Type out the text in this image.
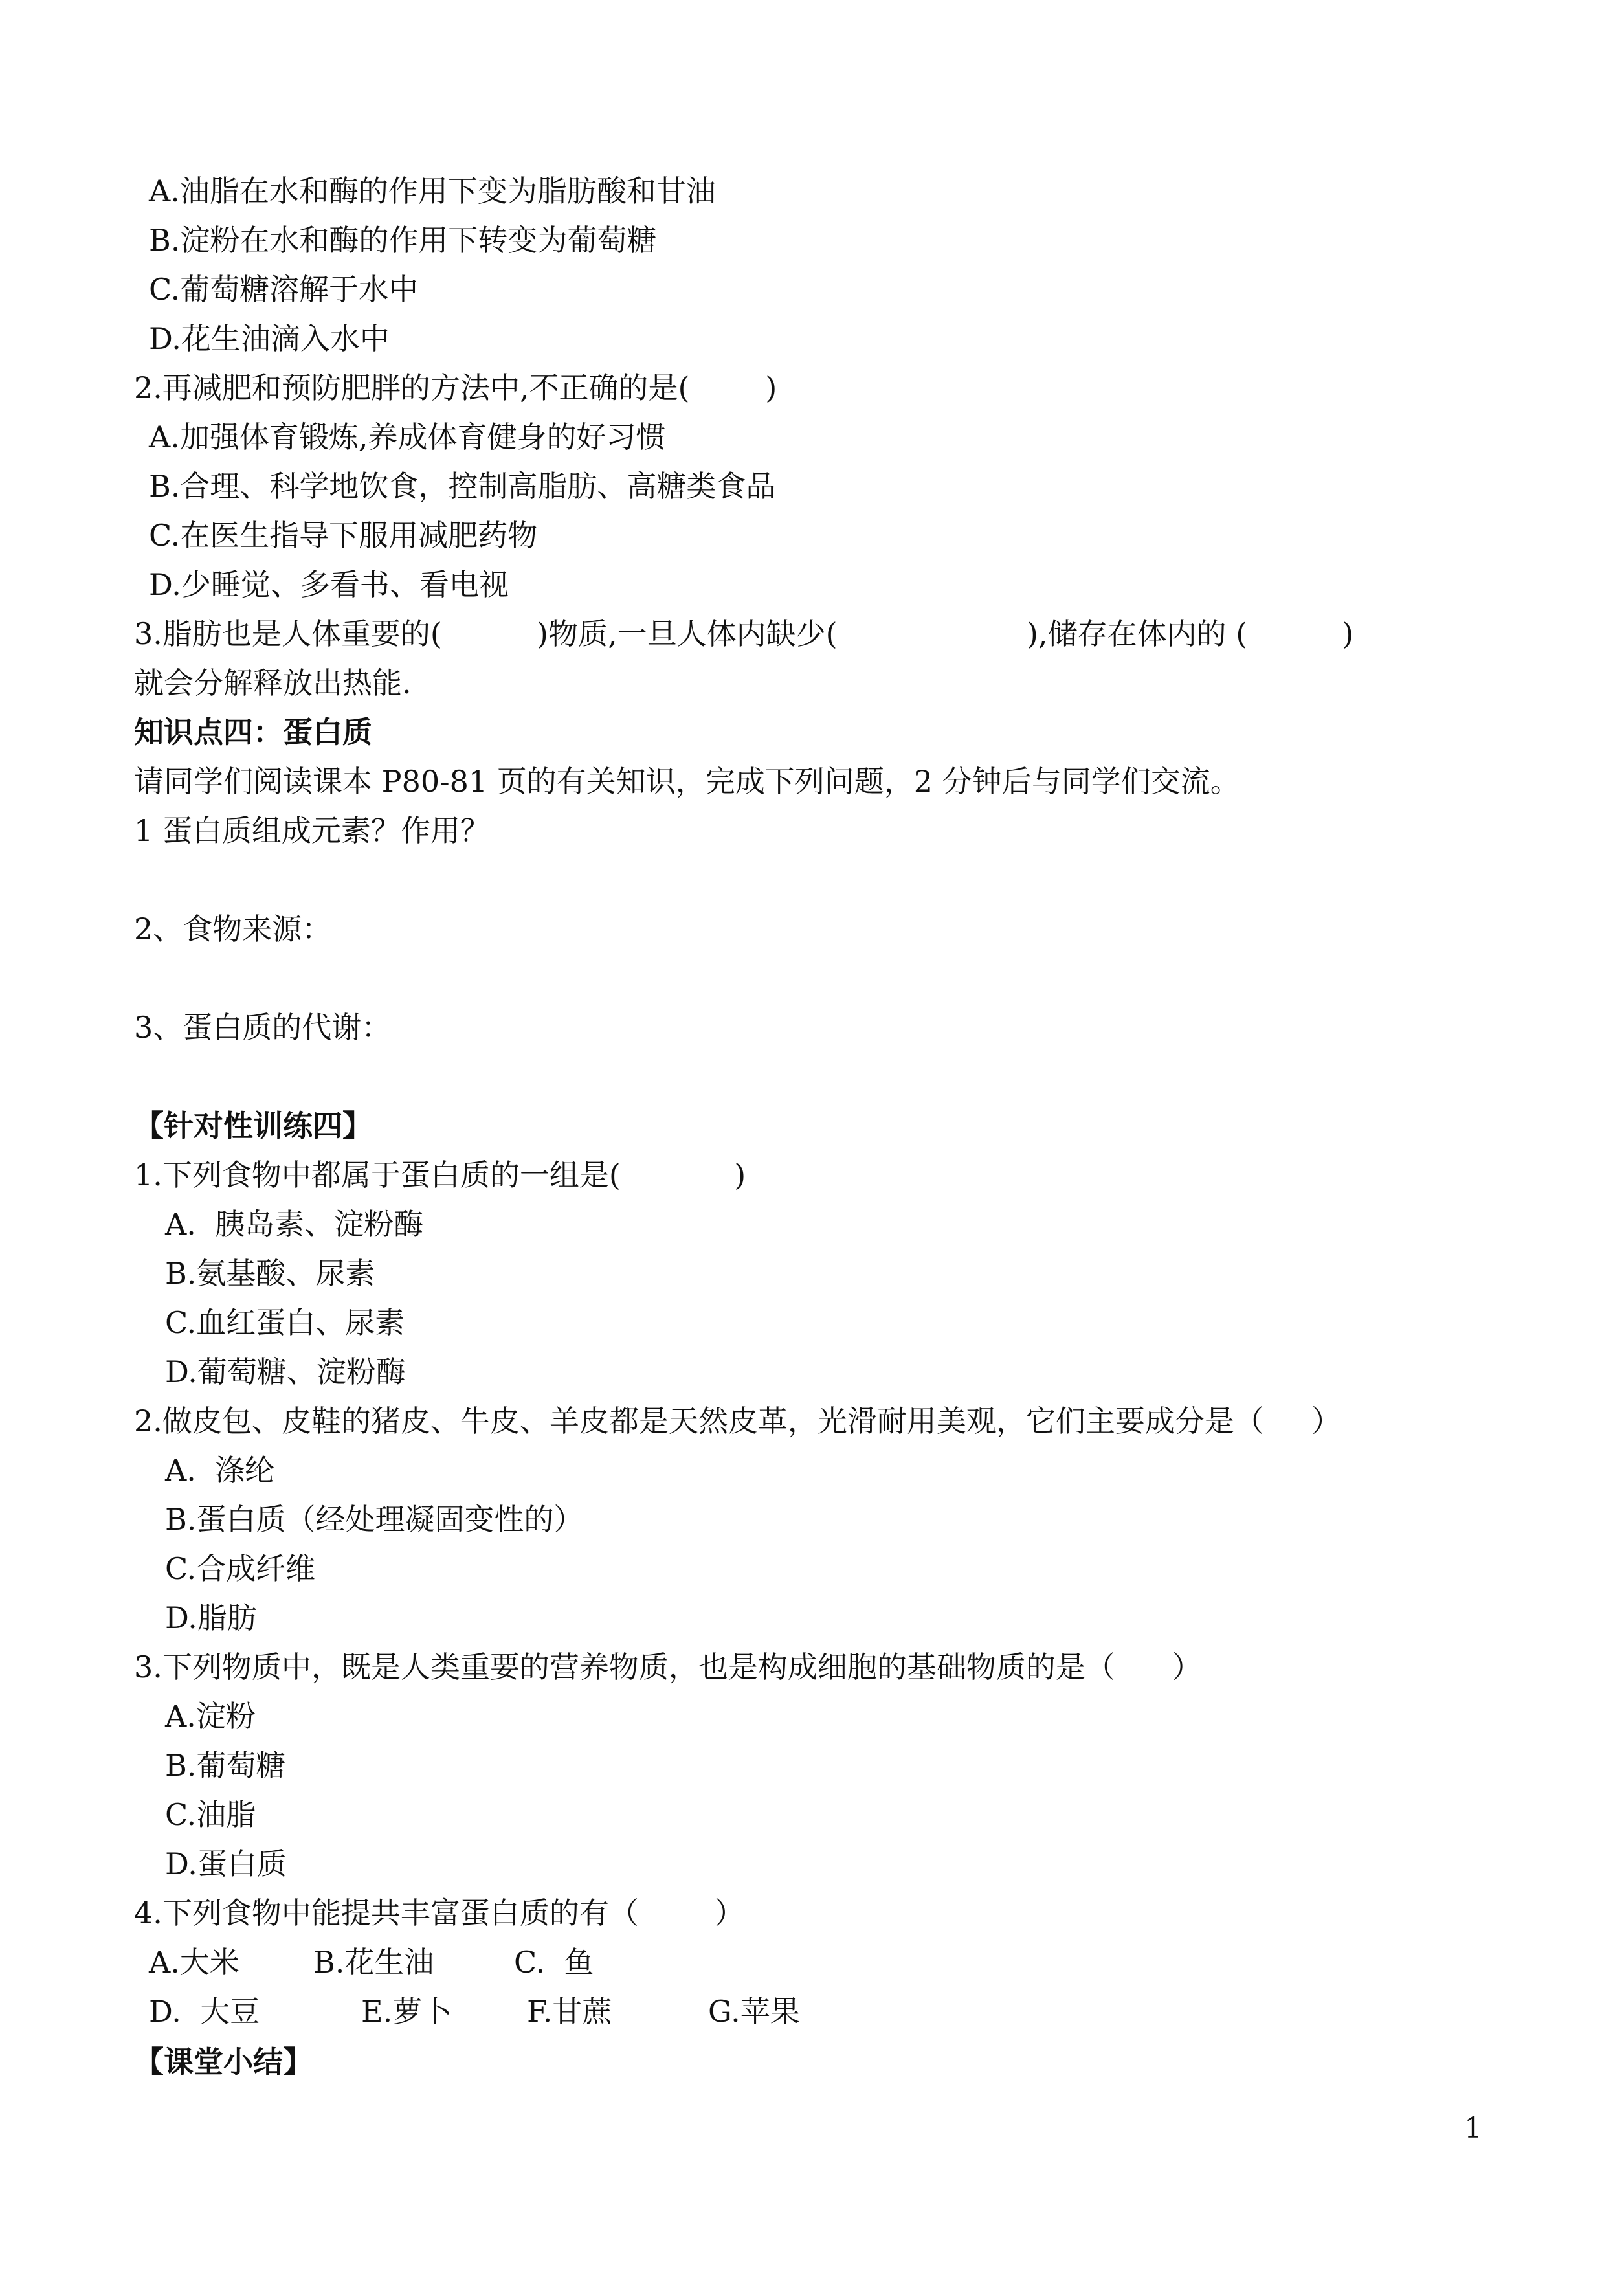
A.油脂在水和酶的作用下变为脂肪酸和甘油
B.淀粉在水和酶的作用下转变为葡萄糖
C.葡萄糖溶解于水中
D.花生油滴入水中
2.再减肥和预防肥胖的方法中,不正确的是(        )
A.加强体育锻炼,养成体育健身的好习惯
B.合理、科学地饮食，控制高脂肪、高糖类食品
C.在医生指导下服用减肥药物
D.少睡觉、多看书、看电视
3.脂肪也是人体重要的(          )物质,一旦人体内缺少(                    ),储存在体内的 (          )
就会分解释放出热能.
知识点四：蛋白质
请同学们阅读课本 P80-81 页的有关知识，完成下列问题，2 分钟后与同学们交流。
1 蛋白质组成元素？作用？
2、食物来源：
3、蛋白质的代谢：
【针对性训练四】
1.下列食物中都属于蛋白质的一组是(            )
A.  胰岛素、淀粉酶
B.氨基酸、尿素
C.血红蛋白、尿素
D.葡萄糖、淀粉酶
2.做皮包、皮鞋的猪皮、牛皮、羊皮都是天然皮革，光滑耐用美观，它们主要成分是（     ）
A.  涤纶
B.蛋白质（经处理凝固变性的）
C.合成纤维
D.脂肪
3.下列物质中，既是人类重要的营养物质，也是构成细胞的基础物质的是（      ）
A.淀粉
B.葡萄糖
C.油脂
D.蛋白质
4.下列食物中能提共丰富蛋白质的有（        ）
A.大米 B.花生油	C.  鱼
D.  大豆	E.萝卜	F.甘蔗	G.苹果
【课堂小结】
1
